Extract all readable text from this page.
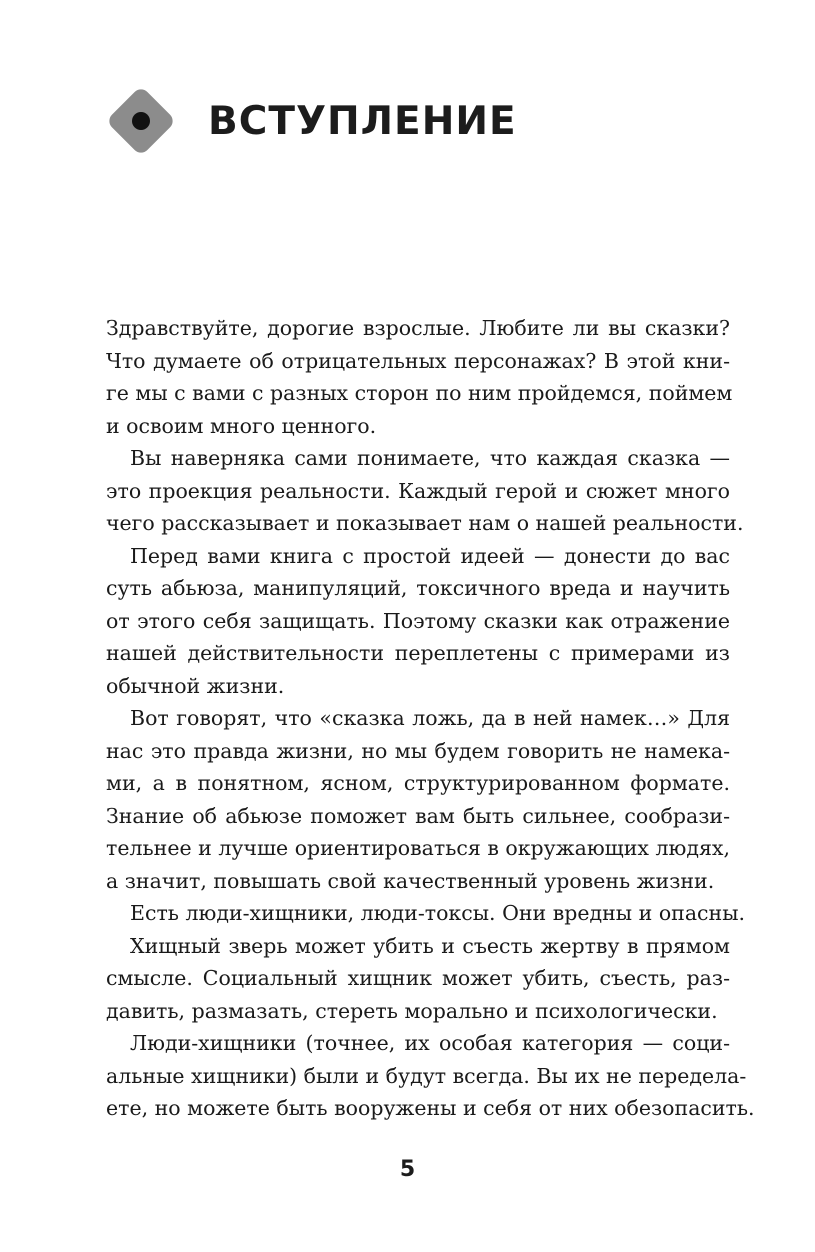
ВСТУПЛЕНИЕ
Здравствуйте, дорогие взрослые. Любите ли вы сказки?
Что думаете об отрицательных персонажах? В этой кни-
ге мы с вами с разных сторон по ним пройдемся, поймем
и освоим много ценного.
Вы наверняка сами понимаете, что каждая сказка —
это проекция реальности. Каждый герой и сюжет много
чего рассказывает и показывает нам о нашей реальности.
Перед вами книга с простой идеей — донести до вас
суть абьюза, манипуляций, токсичного вреда и научить
от этого себя защищать. Поэтому сказки как отражение
нашей действительности переплетены с примерами из
обычной жизни.
Вот говорят, что «сказка ложь, да в ней намек…» Для
нас это правда жизни, но мы будем говорить не намека-
ми, а в понятном, ясном, структурированном формате.
Знание об абьюзе поможет вам быть сильнее, сообрази-
тельнее и лучше ориентироваться в окружающих людях,
а значит, повышать свой качественный уровень жизни.
Есть люди-хищники, люди-токсы. Они вредны и опасны.
Хищный зверь может убить и съесть жертву в прямом
смысле. Социальный хищник может убить, съесть, раз-
давить, размазать, стереть морально и психологически.
Люди-хищники (точнее, их особая категория — соци-
альные хищники) были и будут всегда. Вы их не передела-
ете, но можете быть вооружены и себя от них обезопасить.
5
